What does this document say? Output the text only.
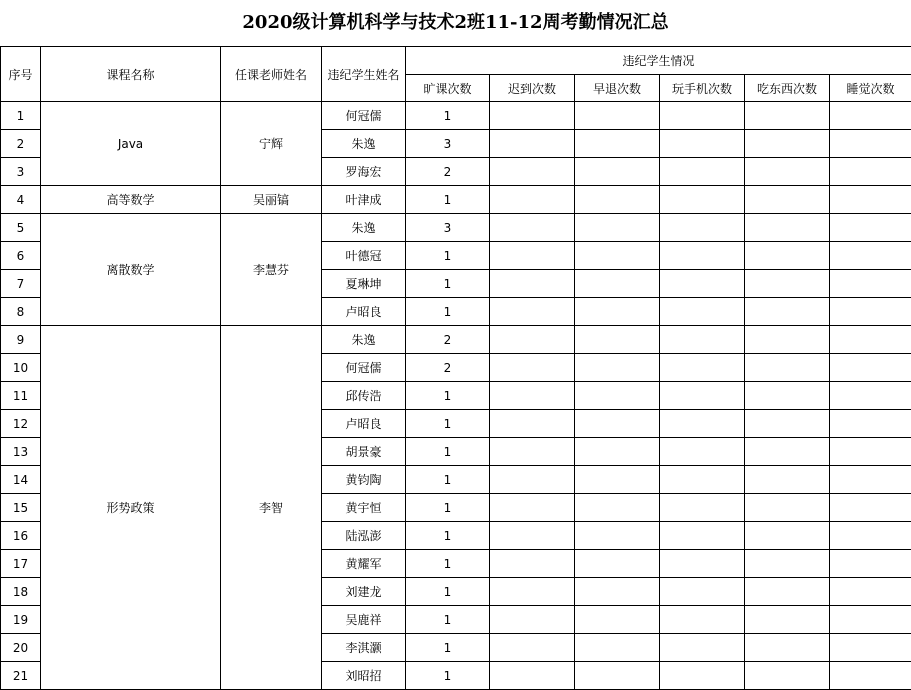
2020级计算机科学与技术2班11-12周考勤情况汇总
序号	课程名称	任课老师姓名	违纪学生姓名	违纪学生情况					
				旷课次数	迟到次数	早退次数	玩手机次数	吃东西次数	睡觉次数
1	Java	宁辉	何冠儒	1					
2			朱逸	3					
3			罗海宏	2					
4	高等数学	吴丽镐	叶津成	1					
5	离散数学	李慧芬	朱逸	3					
6			叶德冠	1					
7			夏琳坤	1					
8			卢昭良	1					
9	形势政策	李智	朱逸	2					
10			何冠儒	2					
11			邱传浩	1					
12			卢昭良	1					
13			胡景豪	1					
14			黄钧陶	1					
15			黄宇恒	1					
16			陆泓澎	1					
17			黄耀军	1					
18			刘建龙	1					
19			吴鹿祥	1					
20			李淇灏	1					
21			刘昭招	1					
